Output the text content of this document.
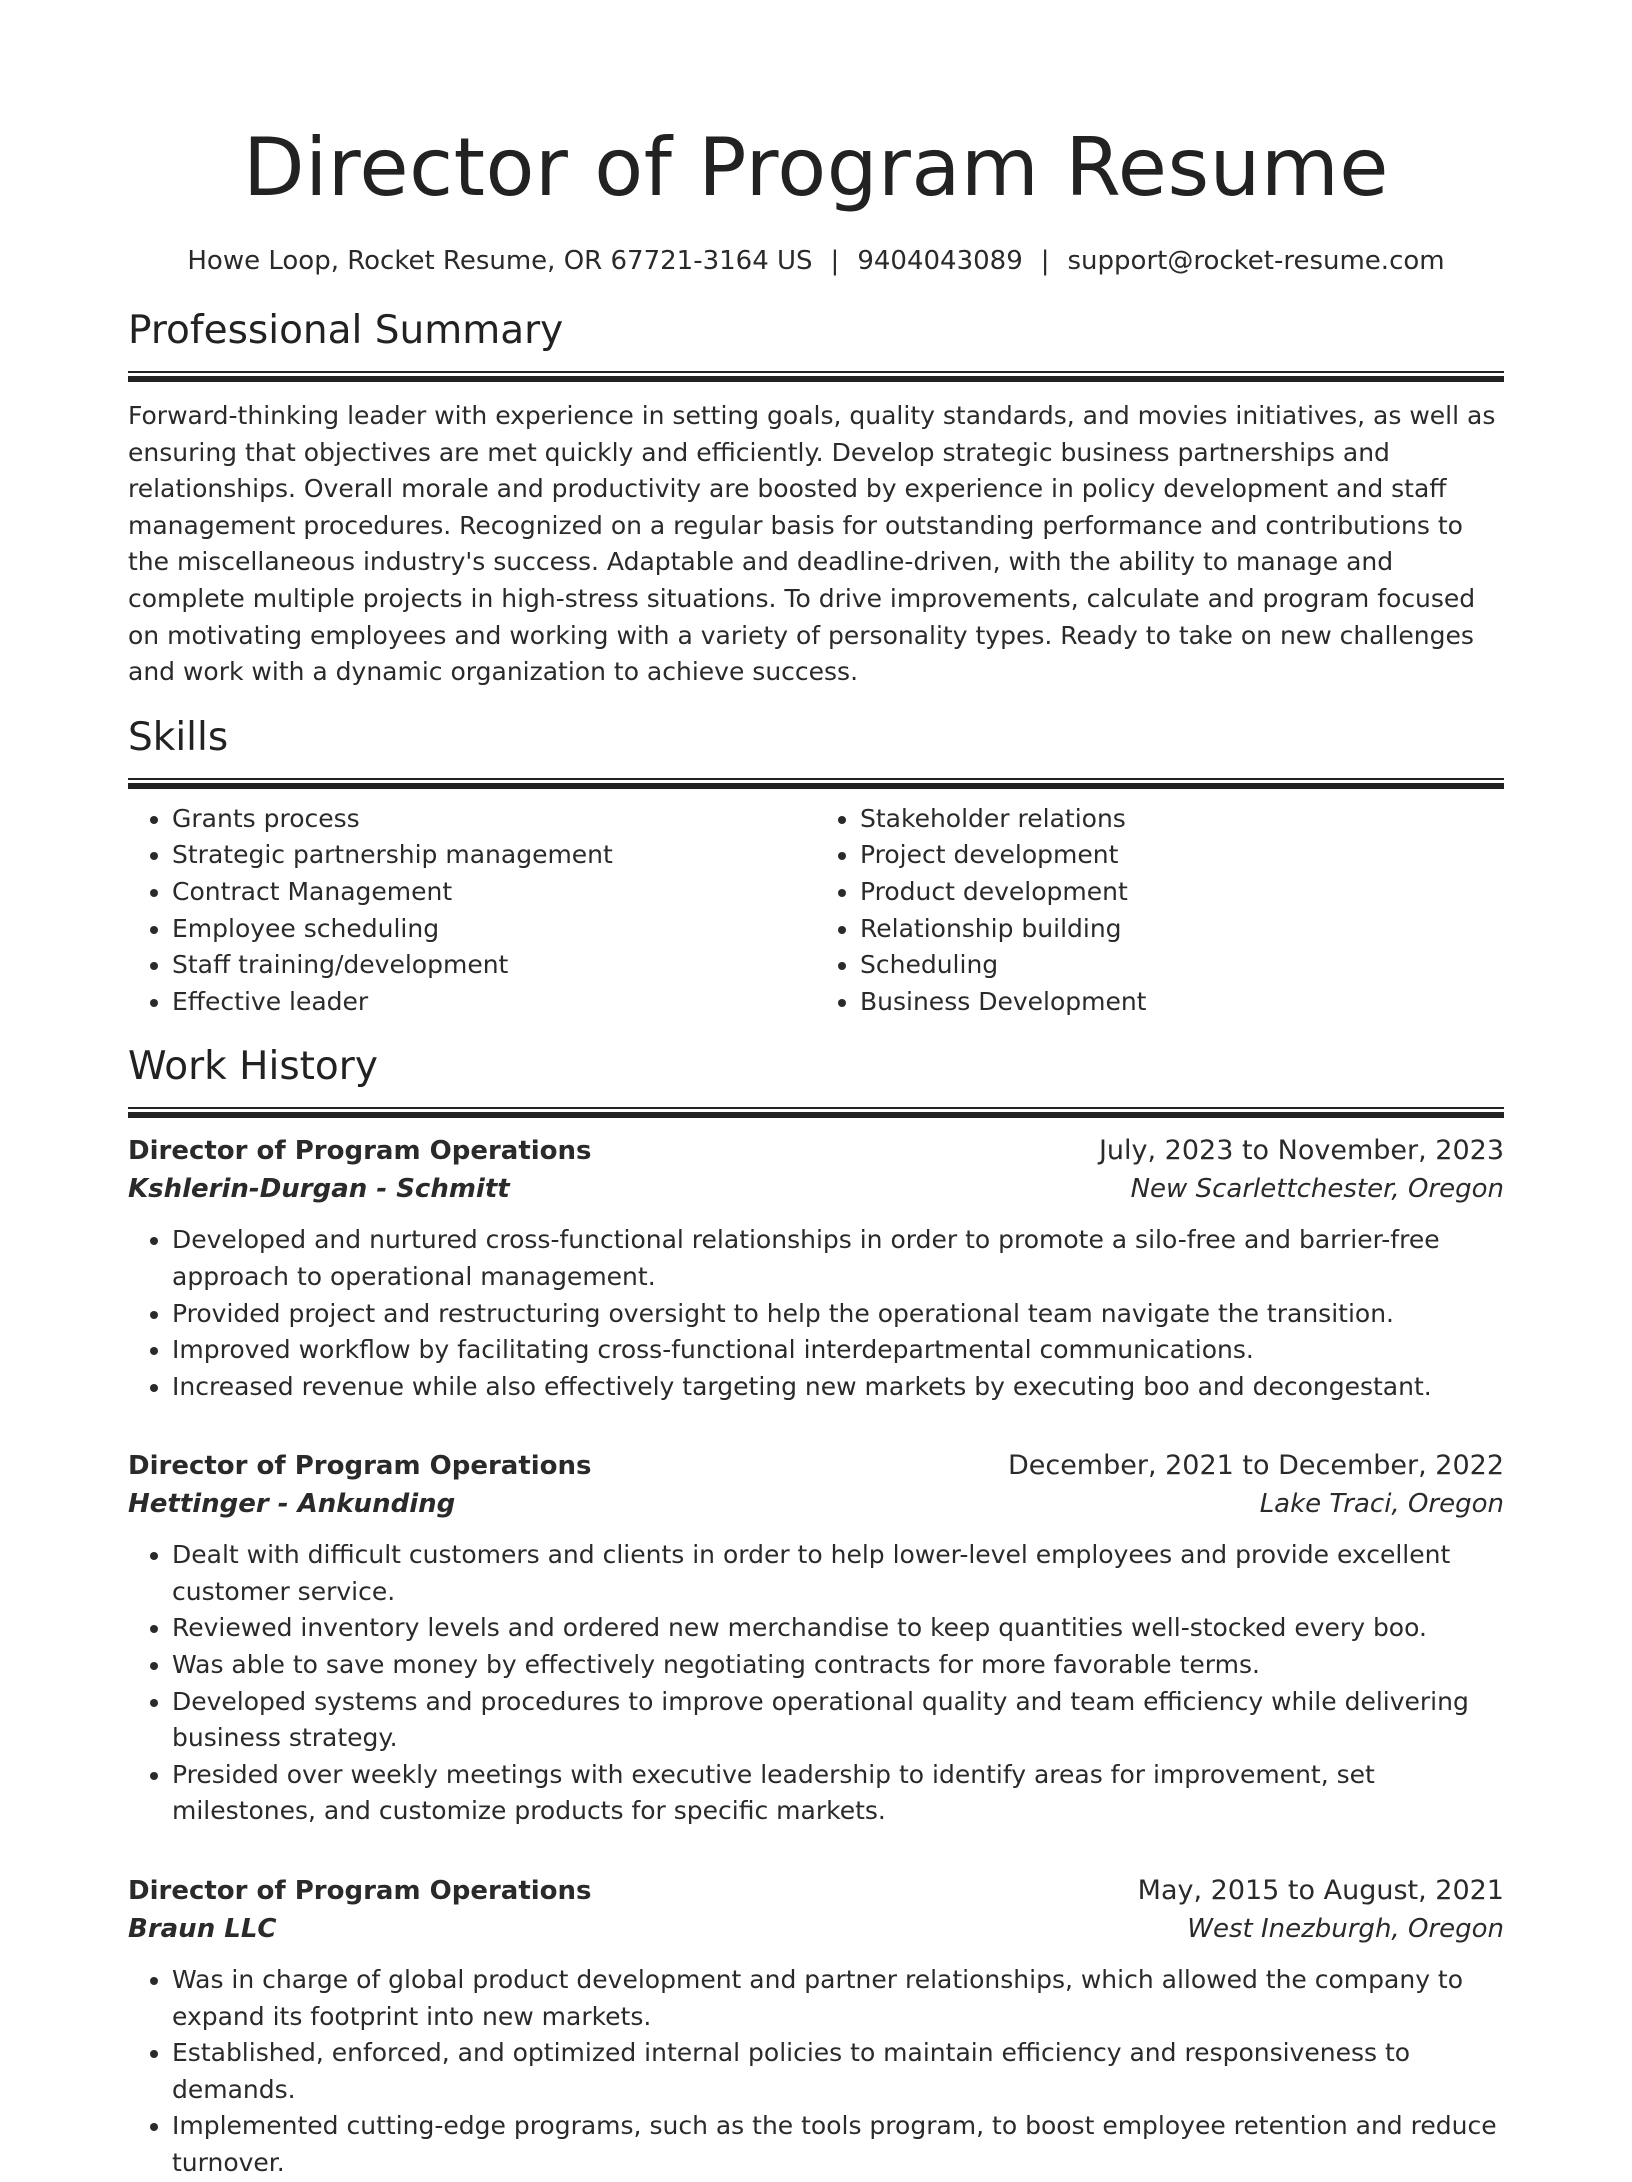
Director of Program Resume
Howe Loop, Rocket Resume, OR 67721-3164 US | 9404043089 | support@rocket-resume.com
Professional Summary

Forward-thinking leader with experience in setting goals, quality standards, and movies initiatives, as well as ensuring that objectives are met quickly and efficiently. Develop strategic business partnerships and relationships. Overall morale and productivity are boosted by experience in policy development and staff management procedures. Recognized on a regular basis for outstanding performance and contributions to the miscellaneous industry's success. Adaptable and deadline-driven, with the ability to manage and complete multiple projects in high-stress situations. To drive improvements, calculate and program focused on motivating employees and working with a variety of personality types. Ready to take on new challenges and work with a dynamic organization to achieve success.

Skills
• Grants process
• Strategic partnership management
• Contract Management
• Employee scheduling
• Staff training/development
• Effective leader
• Stakeholder relations
• Project development
• Product development
• Relationship building
• Scheduling
• Business Development
Work History
Director of Program Operations	July, 2023 to November, 2023
Kshlerin-Durgan - Schmitt	New Scarlettchester, Oregon
• Developed and nurtured cross-functional relationships in order to promote a silo-free and barrier-free approach to operational management.
• Provided project and restructuring oversight to help the operational team navigate the transition.
• Improved workflow by facilitating cross-functional interdepartmental communications.
• Increased revenue while also effectively targeting new markets by executing boo and decongestant.
Director of Program Operations	December, 2021 to December, 2022
Hettinger - Ankunding	Lake Traci, Oregon
• Dealt with difficult customers and clients in order to help lower-level employees and provide excellent customer service.
• Reviewed inventory levels and ordered new merchandise to keep quantities well-stocked every boo.
• Was able to save money by effectively negotiating contracts for more favorable terms.
• Developed systems and procedures to improve operational quality and team efficiency while delivering business strategy.
• Presided over weekly meetings with executive leadership to identify areas for improvement, set milestones, and customize products for specific markets.
Director of Program Operations	May, 2015 to August, 2021
Braun LLC	West Inezburgh, Oregon
• Was in charge of global product development and partner relationships, which allowed the company to expand its footprint into new markets.
• Established, enforced, and optimized internal policies to maintain efficiency and responsiveness to demands.
• Implemented cutting-edge programs, such as the tools program, to boost employee retention and reduce turnover.
